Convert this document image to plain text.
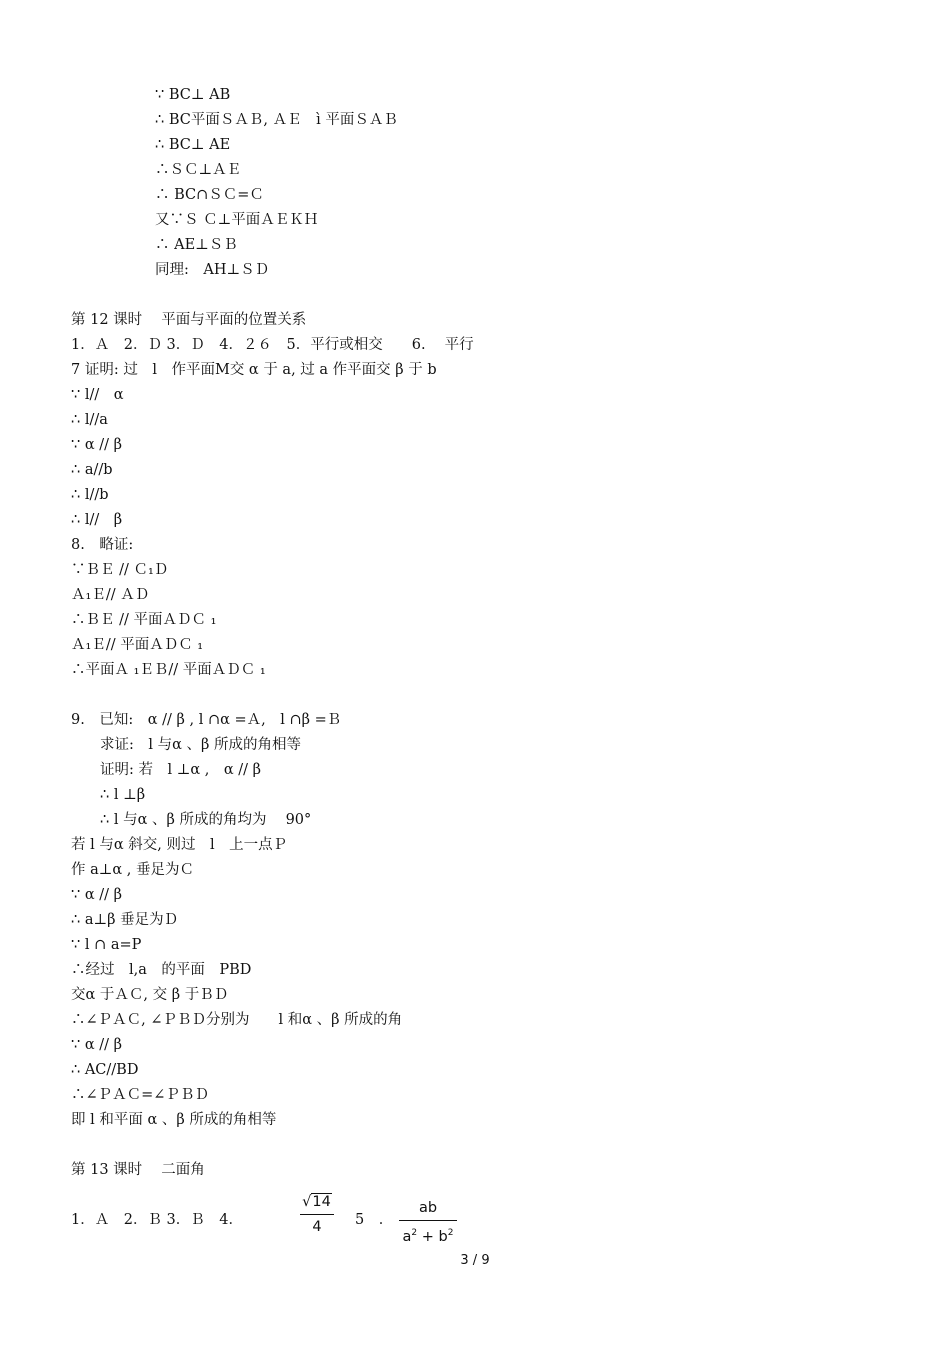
∵ BC⊥ AB
∴ BC平面ＳＡＢ, ＡＥ　ì 平面ＳＡＢ
∴ BC⊥ AE
∴ＳＣ⊥ＡＥ
∴ BC∩ＳＣ=Ｃ
又∵Ｓ Ｃ⊥平面ＡＥＫＨ
∴ AE⊥ＳＢ
同理:　AH⊥ＳＤ
第 12 课时　 平面与平面的位置关系
1．Ａ　2．Ｄ 3．Ｄ　4．２６　5．平行或相交　　6.　 平行
7 证明: 过　l　作平面M交 α 于 a, 过 a 作平面交 β 于 b
∵ l//　α
∴ l//a
∵ α // β
∴ a//b
∴ l//b
∴ l//　β
8.　略证:
∵ＢＥ // Ｃ₁Ｄ
Ａ₁Ｅ// ＡＤ
∴ＢＥ // 平面ＡＤＣ ₁
Ａ₁Ｅ// 平面ＡＤＣ ₁
∴平面Ａ ₁ＥＢ// 平面ＡＤＣ ₁
9.　已知:　α // β , l ∩α =Ａ,　l ∩β =Ｂ
求证:　l 与α 、β 所成的角相等
证明: 若　l ⊥α ,　α // β
∴ l ⊥β
∴ l 与α 、β 所成的角均为　 90°
若 l 与α 斜交, 则过　l　上一点Ｐ
作 a⊥α , 垂足为Ｃ
∵ α // β
∴ a⊥β 垂足为Ｄ
∵ l ∩ a=P
∴经过　l,a　的平面　PBD
交α 于ＡＣ, 交 β 于ＢＤ
∴∠ＰＡＣ, ∠ＰＢＤ分别为　　l 和α 、β 所成的角
∵ α // β
∴ AC//BD
∴∠ＰＡＣ=∠ＰＢＤ
即 l 和平面 α 、β 所成的角相等
第 13 课时　 二面角
1．Ａ　2．Ｂ 3．Ｂ　4．
√14
4	5　．
ab
$a^2 + b^2$
3 / 9
